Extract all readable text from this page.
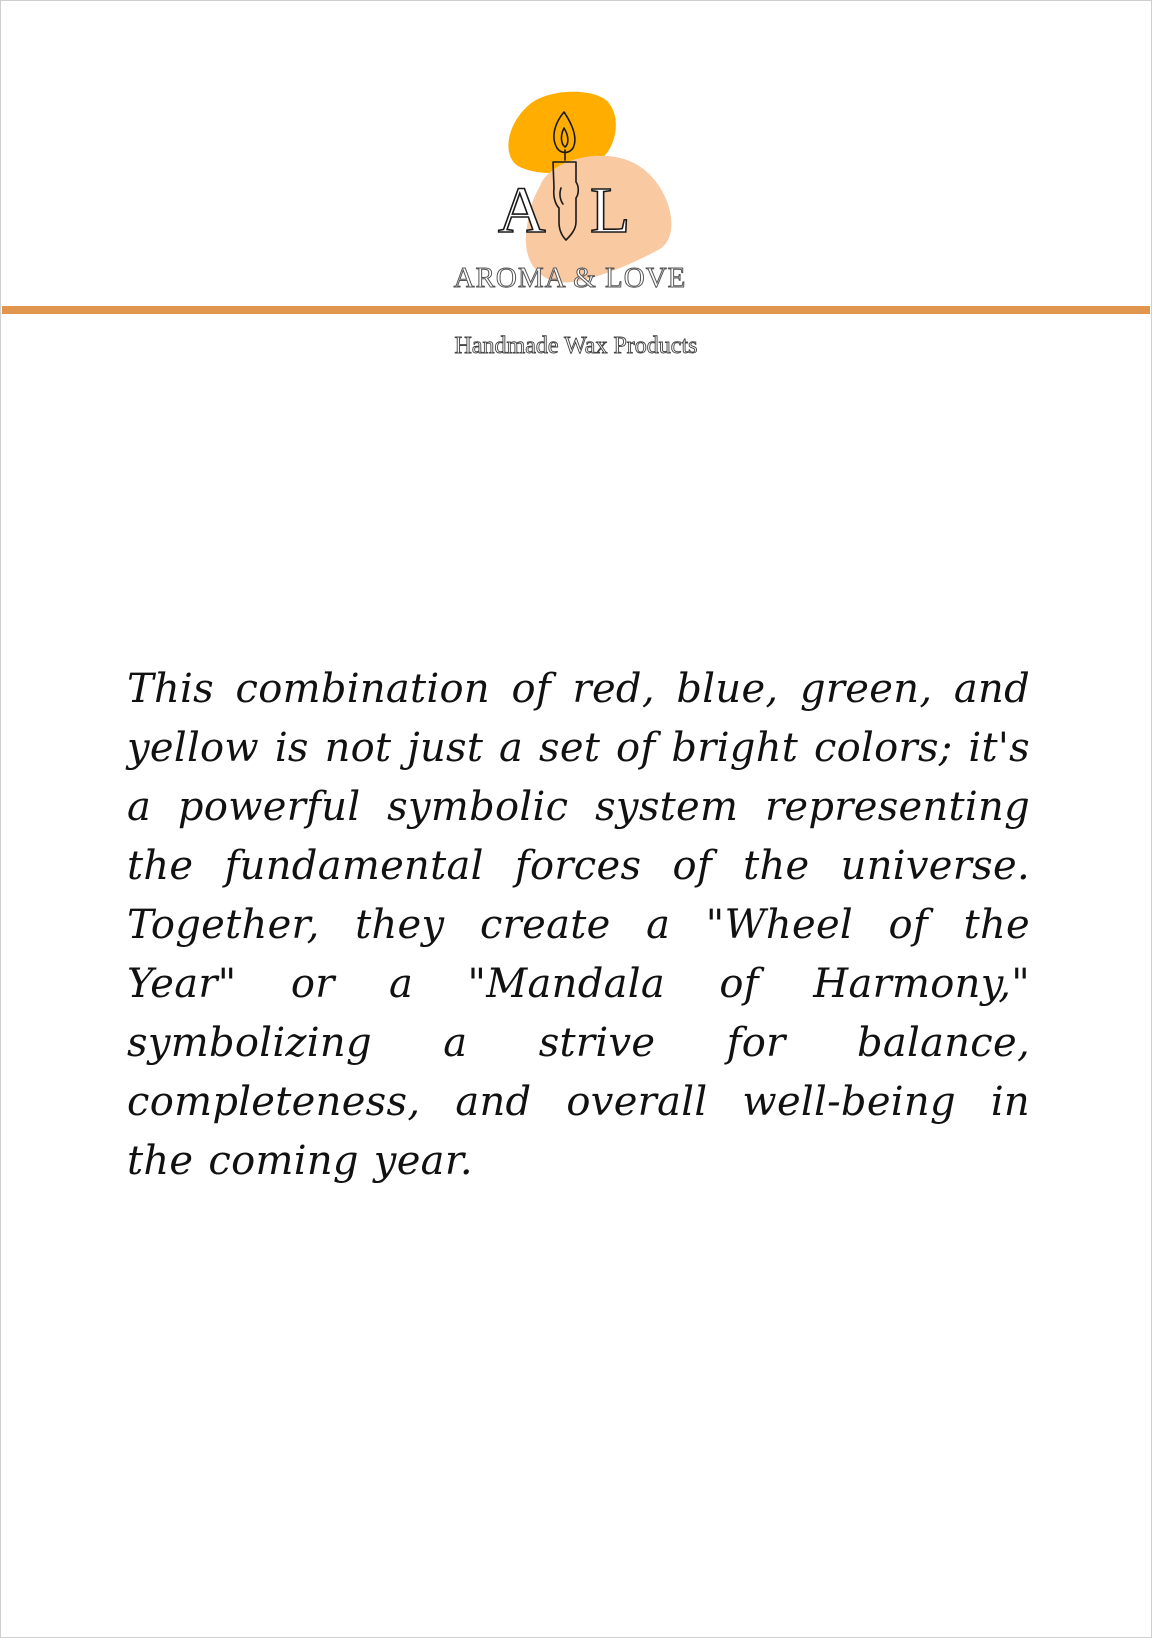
A L
AROMA & LOVE
Handmade Wax Products

This combination of red, blue, green, and yellow is not just a set of bright colors; it's a powerful symbolic system representing the fundamental forces of the universe. Together, they create a "Wheel of the Year" or a "Mandala of Harmony," symbolizing a strive for balance, completeness, and overall well-being in the coming year.
